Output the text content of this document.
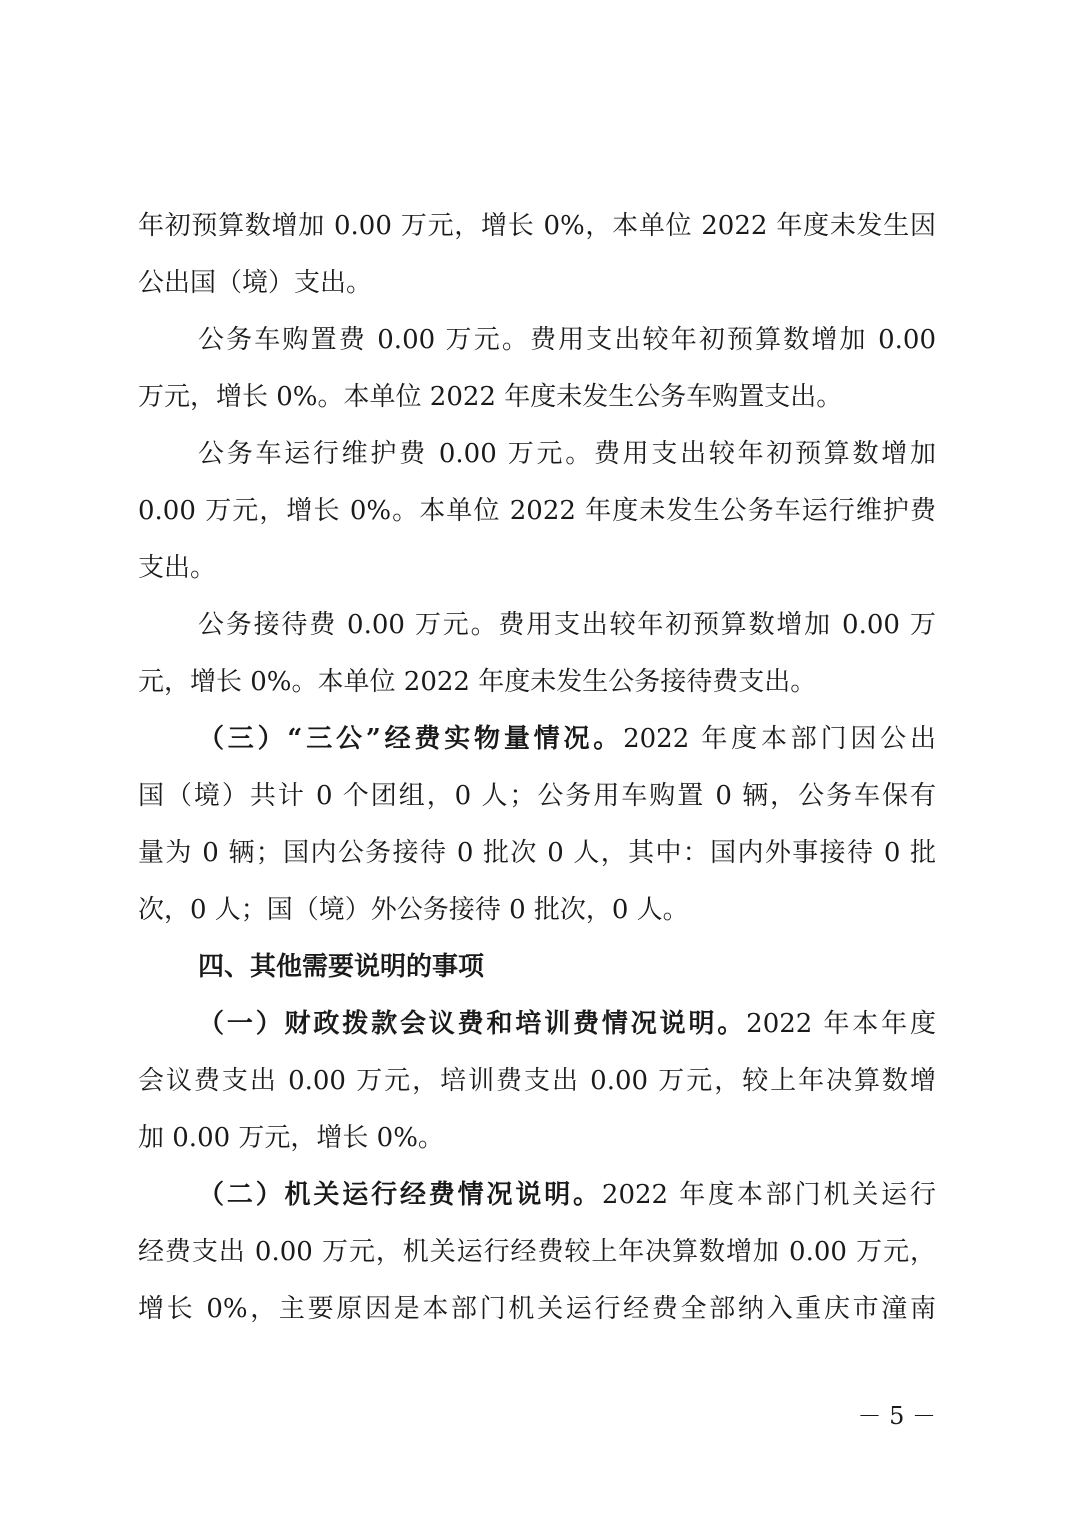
年初预算数增加 0.00 万元，增长 0%，本单位 2022 年度未发生因
公出国（境）支出。
公务车购置费 0.00 万元。费用支出较年初预算数增加 0.00
万元，增长 0%。本单位 2022 年度未发生公务车购置支出。
公务车运行维护费 0.00 万元。费用支出较年初预算数增加
0.00 万元，增长 0%。本单位 2022 年度未发生公务车运行维护费
支出。
公务接待费 0.00 万元。费用支出较年初预算数增加 0.00 万
元，增长 0%。本单位 2022 年度未发生公务接待费支出。
（三）“三公”经费实物量情况。2022 年度本部门因公出
国（境）共计 0 个团组，0 人；公务用车购置 0 辆，公务车保有
量为 0 辆；国内公务接待 0 批次 0 人，其中：国内外事接待 0 批
次，0 人；国（境）外公务接待 0 批次，0 人。
四、其他需要说明的事项
（一）财政拨款会议费和培训费情况说明。2022 年本年度
会议费支出 0.00 万元，培训费支出 0.00 万元，较上年决算数增
加 0.00 万元，增长 0%。
（二）机关运行经费情况说明。2022 年度本部门机关运行
经费支出 0.00 万元，机关运行经费较上年决算数增加 0.00 万元，
增长 0%，主要原因是本部门机关运行经费全部纳入重庆市潼南
－ 5 －
